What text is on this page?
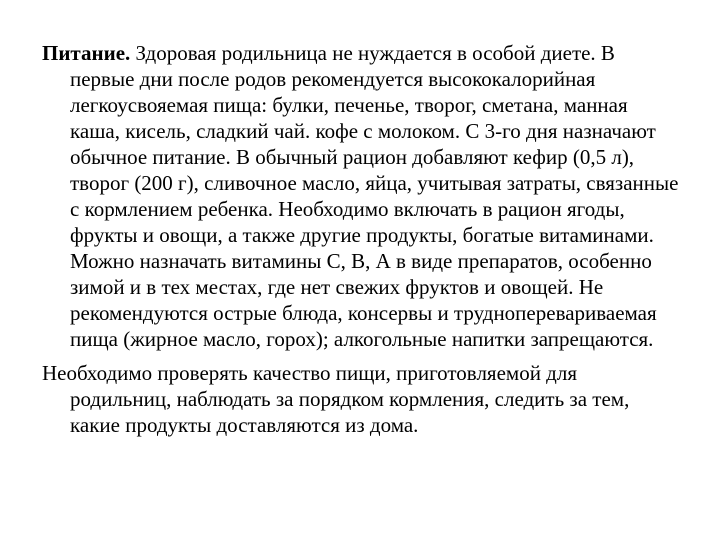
Питание. Здоровая родильница не нуждается в особой диете. В первые дни после родов рекомендуется высококалорийная легкоусвояемая пища: булки, печенье, творог, сметана, манная каша, кисель, сладкий чай. кофе с молоком. С 3-го дня назначают обычное питание. В обычный рацион добавляют кефир (0,5 л), творог (200 г), сливочное масло, яйца, учитывая затраты, связанные с кормлением ребенка. Необходимо включать в рацион ягоды, фрукты и овощи, а также другие продукты, богатые витаминами. Можно назначать витамины С, В, А в виде препаратов, особенно зимой и в тех местах, где нет свежих фруктов и овощей. Не рекомендуются острые блюда, консервы и трудноперевариваемая пища (жирное масло, горох); алкогольные напитки запрещаются.

Необходимо проверять качество пищи, приготовляемой для родильниц, наблюдать за порядком кормления, следить за тем, какие продукты доставляются из дома.
